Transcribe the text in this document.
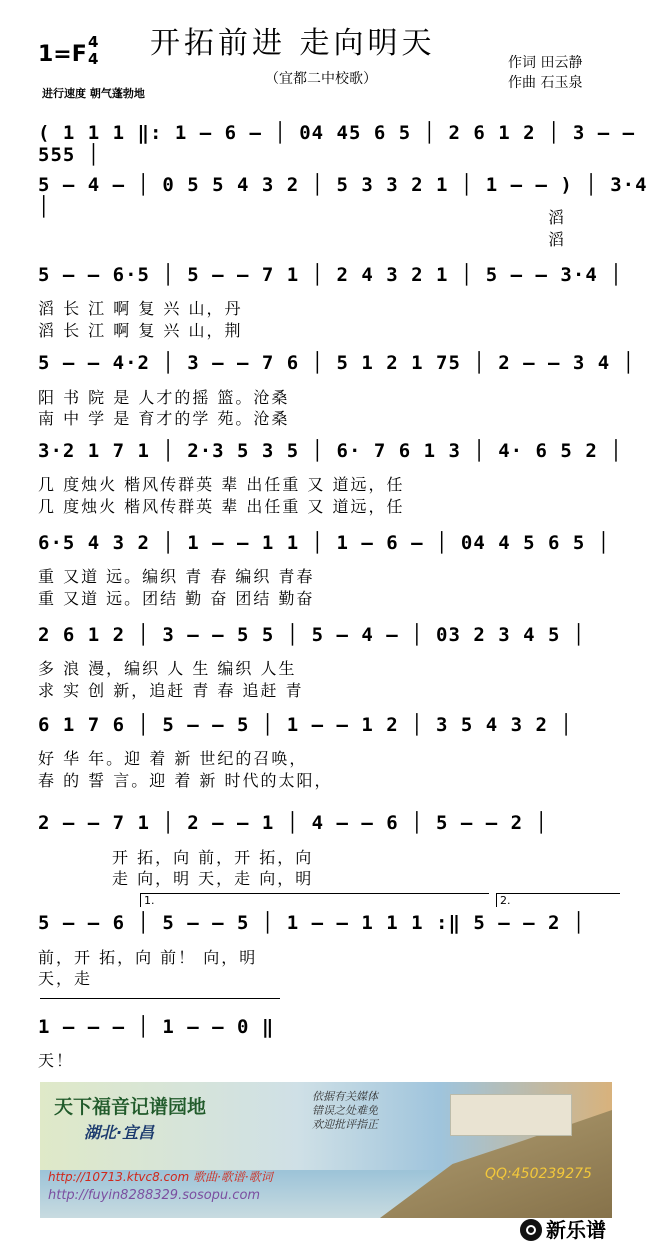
开拓前进 走向明天
1=F 4
4
（宜都二中校歌）
作词 田云静
作曲 石玉泉
进行速度 朝气蓬勃地
( 1 1 1 ‖: 1 — 6 — │ 04 45 6 5 │ 2 6 1 2 │ 3 — — 555 │
5 — 4 — │ 0 5 5 4 3 2 │ 5 3 3 2 1 │ 1 — — ) │ 3·4 │	滔
滔
5 — — 6·5 │ 5 — — 7 1 │ 2 4 3 2 1 │ 5 — — 3·4 │
滔 长 江 啊 复 兴 山，丹
滔 长 江 啊 复 兴 山，荆
5 — — 4·2 │ 3 — — 7 6 │ 5 1 2 1 75 │ 2 — — 3 4 │
阳 书 院 是 人才的摇 篮。沧桑
南 中 学 是 育才的学 苑。沧桑
3·2 1 7 1 │ 2·3 5 3 5 │ 6· 7 6 1 3 │ 4· 6 5 2 │
几 度烛火 楷风传群英 辈 出任重 又 道远，任
几 度烛火 楷风传群英 辈 出任重 又 道远，任
6·5 4 3 2 │ 1 — — 1 1 │ 1 — 6 — │ 04 4 5 6 5 │
重 又道 远。编织 青 春 编织 青春
重 又道 远。团结 勤 奋 团结 勤奋
2 6 1 2 │ 3 — — 5 5 │ 5 — 4 — │ 03 2 3 4 5 │
多 浪 漫，编织 人 生 编织 人生
求 实 创 新，追赶 青 春 追赶 青
6 1 7 6 │ 5 — — 5 │ 1 — — 1 2 │ 3 5 4 3 2 │
好 华 年。迎 着 新 世纪的召唤，
春 的 誓 言。迎 着 新 时代的太阳，
2 — — 7 1 │ 2 — — 1 │ 4 — — 6 │ 5 — — 2 │
开 拓，向 前，开 拓，向
走 向，明 天，走 向，明
1.	2.
5 — — 6 │ 5 — — 5 │ 1 — — 1 1 1 :‖ 5 — — 2 │
前，开 拓，向 前！ 向，明
天，走
1 — — — │ 1 — — 0 ‖
天！
天下福音记谱园地
湖北·宜昌
依据有关媒体
错误之处难免
欢迎批评指正
http://10713.ktvc8.com 歌曲·歌谱·歌词
http://fuyin8288329.sosopu.com
QQ:450239275
新乐谱
